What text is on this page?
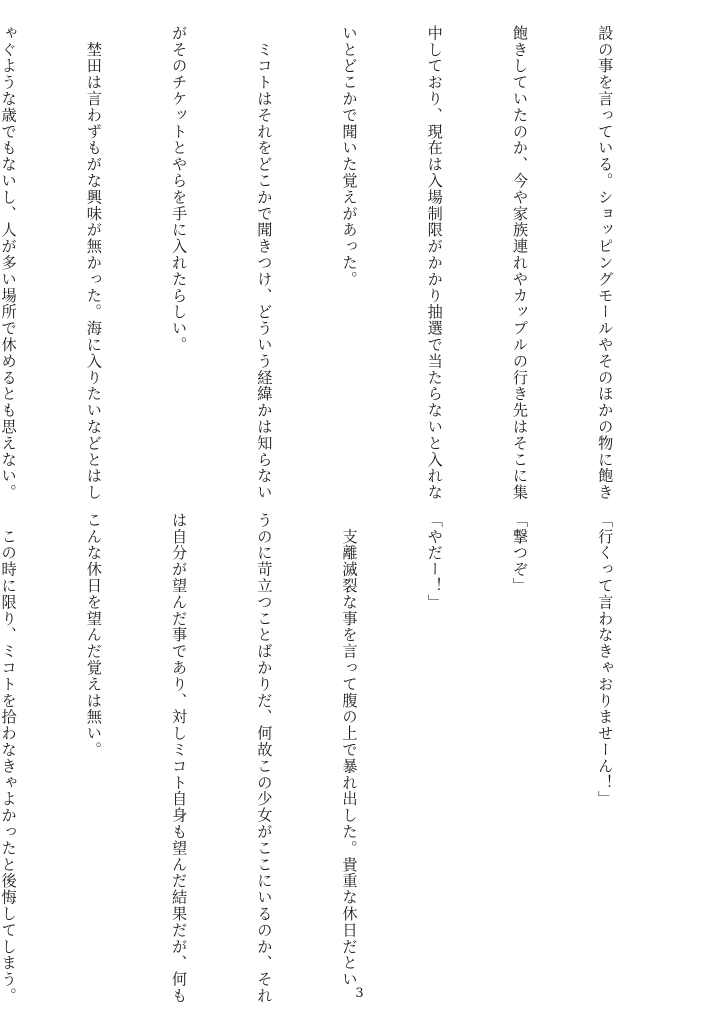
設の事を言っている。ショッピングモールやそのほかの物に飽き

飽きしていたのか、今や家族連れやカップルの行き先はそこに集

中しており、現在は入場制限がかかり抽選で当たらないと入れな

いとどこかで聞いた覚えがあった。

　ミコトはそれをどこかで聞きつけ、どういう経緯かは知らない

がそのチケットとやらを手に入れたらしい。

　埜田は言わずもがな興味が無かった。海に入りたいなどとはし

ゃぐような歳でもないし、人が多い場所で休めるとも思えない。

「行くって言わなきゃおりませーん！」

「撃つぞ」

「やだー！」

　支離滅裂な事を言って腹の上で暴れ出した。貴重な休日だとい

うのに苛立つことばかりだ、何故この少女がここにいるのか、それ

は自分が望んだ事であり、対しミコト自身も望んだ結果だが、何も

こんな休日を望んだ覚えは無い。

　この時に限り、ミコトを拾わなきゃよかったと後悔してしまう。

	3
